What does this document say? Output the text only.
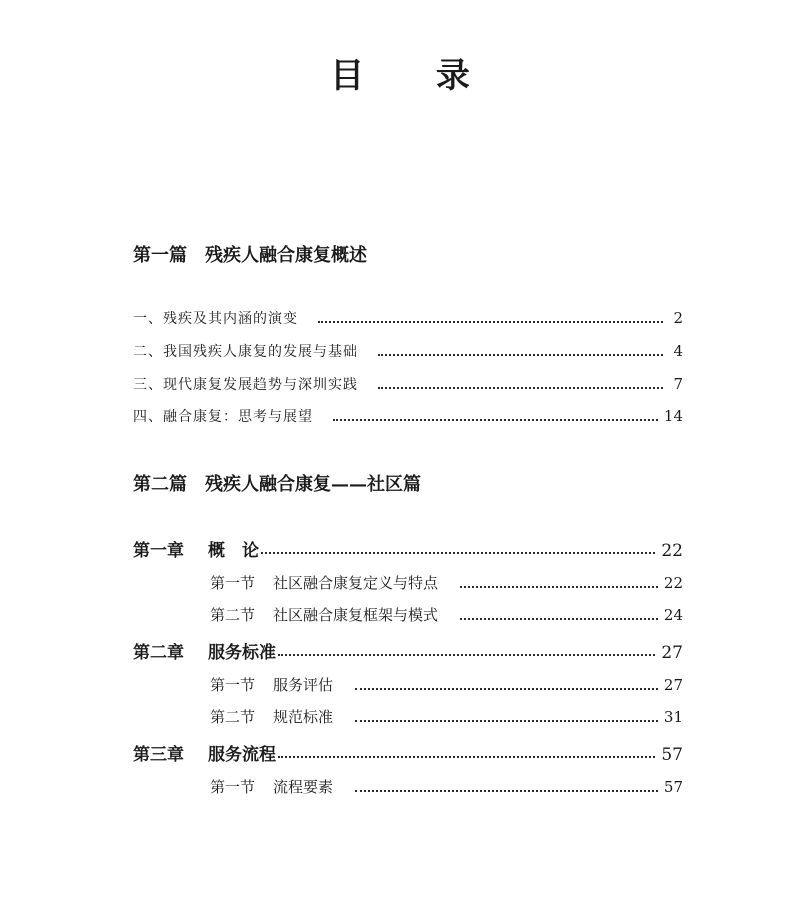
目 录
第一篇 残疾人融合康复概述
一、残疾及其内涵的演变	2
二、我国残疾人康复的发展与基础	4
三、现代康复发展趋势与深圳实践	7
四、融合康复：思考与展望	14
第二篇 残疾人融合康复——社区篇
第一章 概　论	22
第一节 社区融合康复定义与特点	22
第二节 社区融合康复框架与模式	24
第二章 服务标准	27
第一节 服务评估	27
第二节 规范标准	31
第三章 服务流程	57
第一节 流程要素	57
